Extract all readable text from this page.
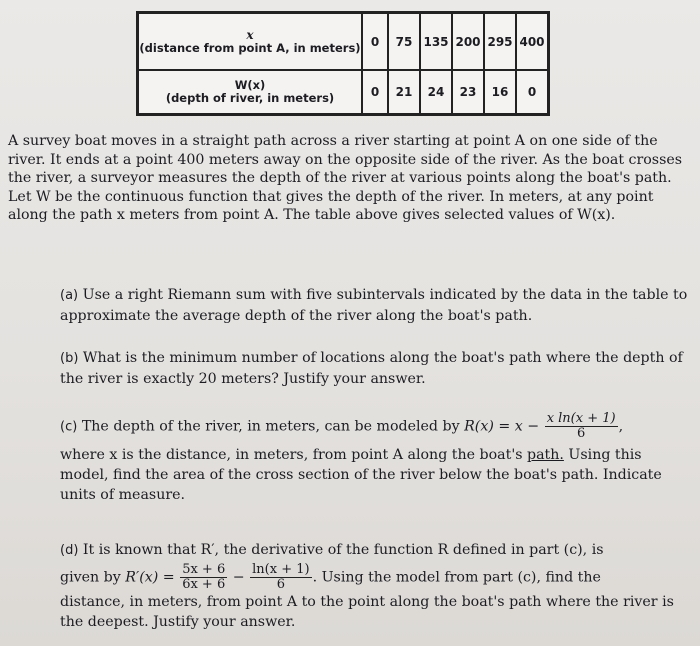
x
(distance from point A, in meters)	0	75	135	200	295	400

W(x)
(depth of river, in meters)	0	21	24	23	16	0
A survey boat moves in a straight path across a river starting at point A on one side of the river. It ends at a point 400 meters away on the opposite side of the river. As the boat crosses the river, a surveyor measures the depth of the river at various points along the boat's path. Let W be the continuous function that gives the depth of the river. In meters, at any point along the path x meters from point A. The table above gives selected values of W(x).
(a) Use a right Riemann sum with five subintervals indicated by the data in the table to approximate the average depth of the river along the boat's path.
(b) What is the minimum number of locations along the boat's path where the depth of the river is exactly 20 meters? Justify your answer.
(c) The depth of the river, in meters, can be modeled by $R(x) = x - \frac{\text{x ln(x + 1)}}{6}$ ,
where x is the distance, in meters, from point A along the boat's path. Using this model, find the area of the cross section of the river below the boat's path. Indicate units of measure.
(d) It is known that R′, the derivative of the function R defined in part (c), is
given by $R'(x) = \frac{5x + 6}{6x + 6} - \frac{\ln(x + 1)}{6}$ . Using the model from part (c), find the
distance, in meters, from point A to the point along the boat's path where the river is the deepest. Justify your answer.
